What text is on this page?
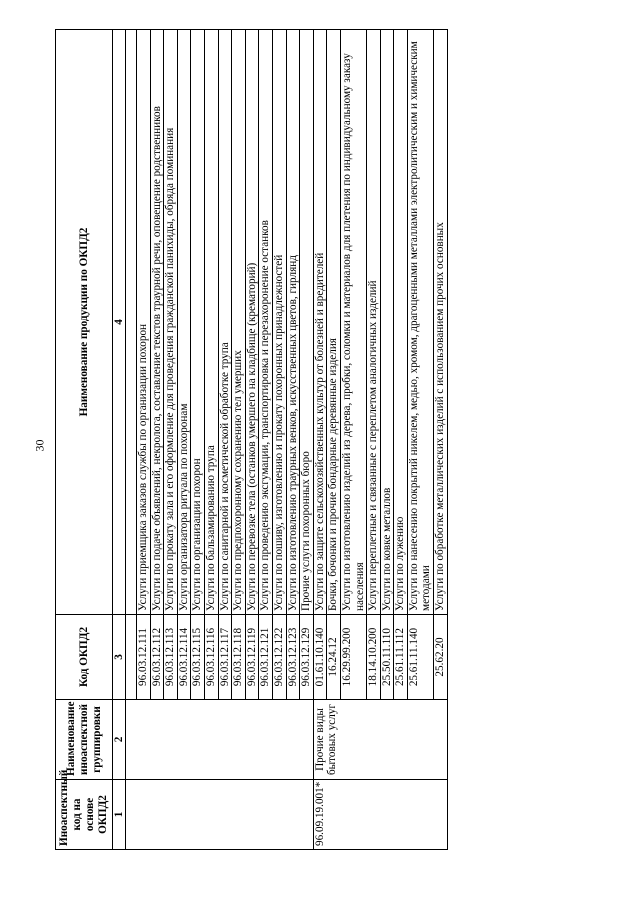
30
Иноаспектный код на основе ОКПД2	Наименование иноаспектной группировки	Код ОКПД2	Наименование продукции по ОКПД2
1	2	3	4

		96.03.12.111	Услуги приемщика заказов службы по организации похорон
		96.03.12.112	Услуги по подаче объявлений, некролога, составление текстов траурной речи, оповещение родственников
		96.03.12.113	Услуги по прокату зала и его оформление для проведения гражданской панихиды, обряда поминания
		96.03.12.114	Услуги организатора ритуала по похоронам
		96.03.12.115	Услуги по организации похорон
		96.03.12.116	Услуги по бальзамированию трупа
		96.03.12.117	Услуги по санитарной и косметической обработке трупа
		96.03.12.118	Услуги по предпохоронному сохранению тел умерших
		96.03.12.119	Услуги по перевозке тела (останков умершего на кладбище (крематорий)
		96.03.12.121	Услуги по проведению эксгумации, транспортировка и перезахоронение останков
		96.03.12.122	Услуги по пошиву, изготовлению и прокату похоронных принадлежностей
		96.03.12.123	Услуги по изготовлению траурных венков, искусственных цветов, гирлянд
		96.03.12.129	Прочие услуги похоронных бюро
96.09.19.001*	Прочие виды бытовых услуг	01.61.10.140	Услуги по защите сельскохозяйственных культур от болезней и вредителей
		16.24.12	Бочки, бочонки и прочие бондарные деревянные изделия
		16.29.99.200	Услуги по изготовлению изделий из дерева, пробки, соломки и материалов для плетения по индивидуальному заказу населения
		18.14.10.200	Услуги переплетные и связанные с переплетом аналогичных изделий
		25.50.11.110	Услуги по ковке металлов
		25.61.11.112	Услуги по лужению
		25.61.11.140	Услуги по нанесению покрытий никелем, медью, хромом, драгоценными металлами электролитическим и химическим методами
		25.62.20	Услуги по обработке металлических изделий с использованием прочих основных
